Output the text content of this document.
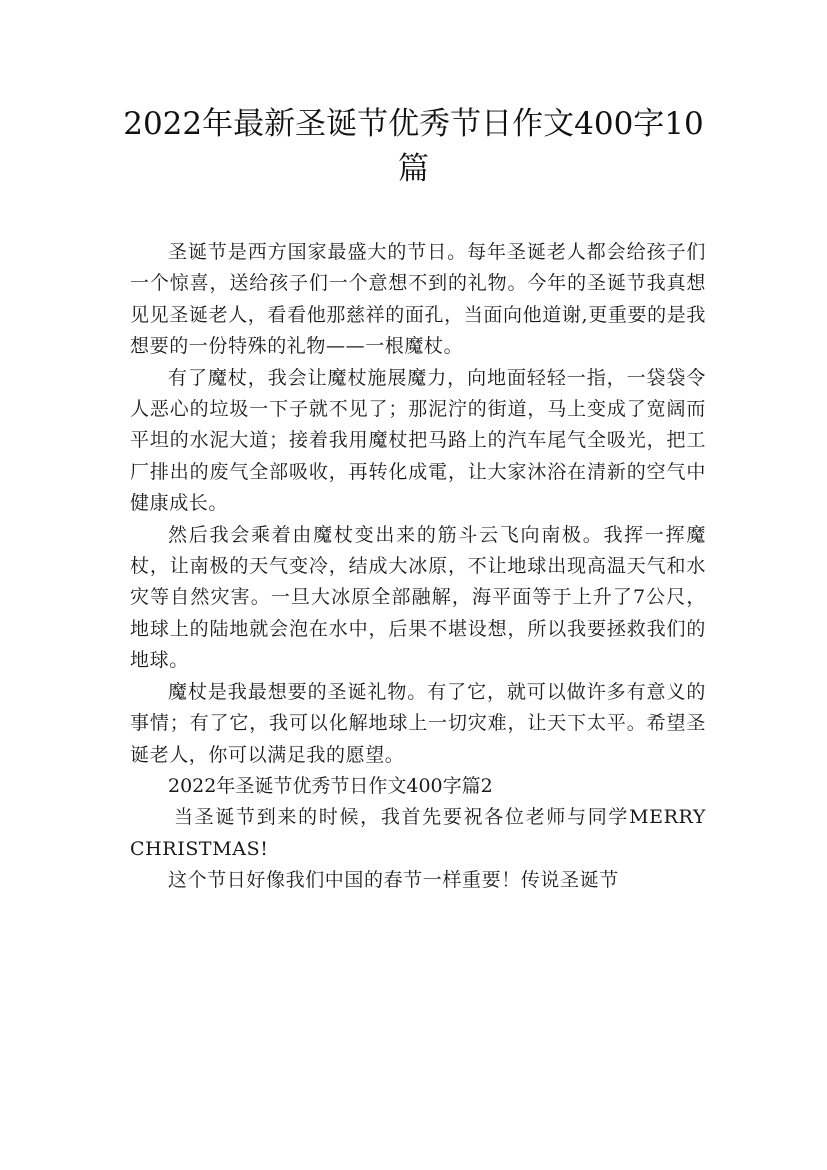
2022年最新圣诞节优秀节日作文400字10篇

圣诞节是西方国家最盛大的节日。每年圣诞老人都会给孩子们一个惊喜，送给孩子们一个意想不到的礼物。今年的圣诞节我真想见见圣诞老人，看看他那慈祥的面孔，当面向他道谢,更重要的是我想要的一份特殊的礼物——一根魔杖。

有了魔杖，我会让魔杖施展魔力，向地面轻轻一指，一袋袋令人恶心的垃圾一下子就不见了；那泥泞的街道，马上变成了宽阔而平坦的水泥大道；接着我用魔杖把马路上的汽车尾气全吸光，把工厂排出的废气全部吸收，再转化成電，让大家沐浴在清新的空气中健康成长。

然后我会乘着由魔杖变出来的筋斗云飞向南极。我挥一挥魔杖，让南极的天气变冷，结成大冰原，不让地球出现高温天气和水灾等自然灾害。一旦大冰原全部融解，海平面等于上升了7公尺，地球上的陆地就会泡在水中，后果不堪设想，所以我要拯救我们的地球。

魔杖是我最想要的圣诞礼物。有了它，就可以做许多有意义的事情；有了它，我可以化解地球上一切灾难，让天下太平。希望圣诞老人，你可以满足我的愿望。

2022年圣诞节优秀节日作文400字篇2

当圣诞节到来的时候，我首先要祝各位老师与同学MERRY CHRISTMAS!

这个节日好像我们中国的春节一样重要！传说圣诞节
